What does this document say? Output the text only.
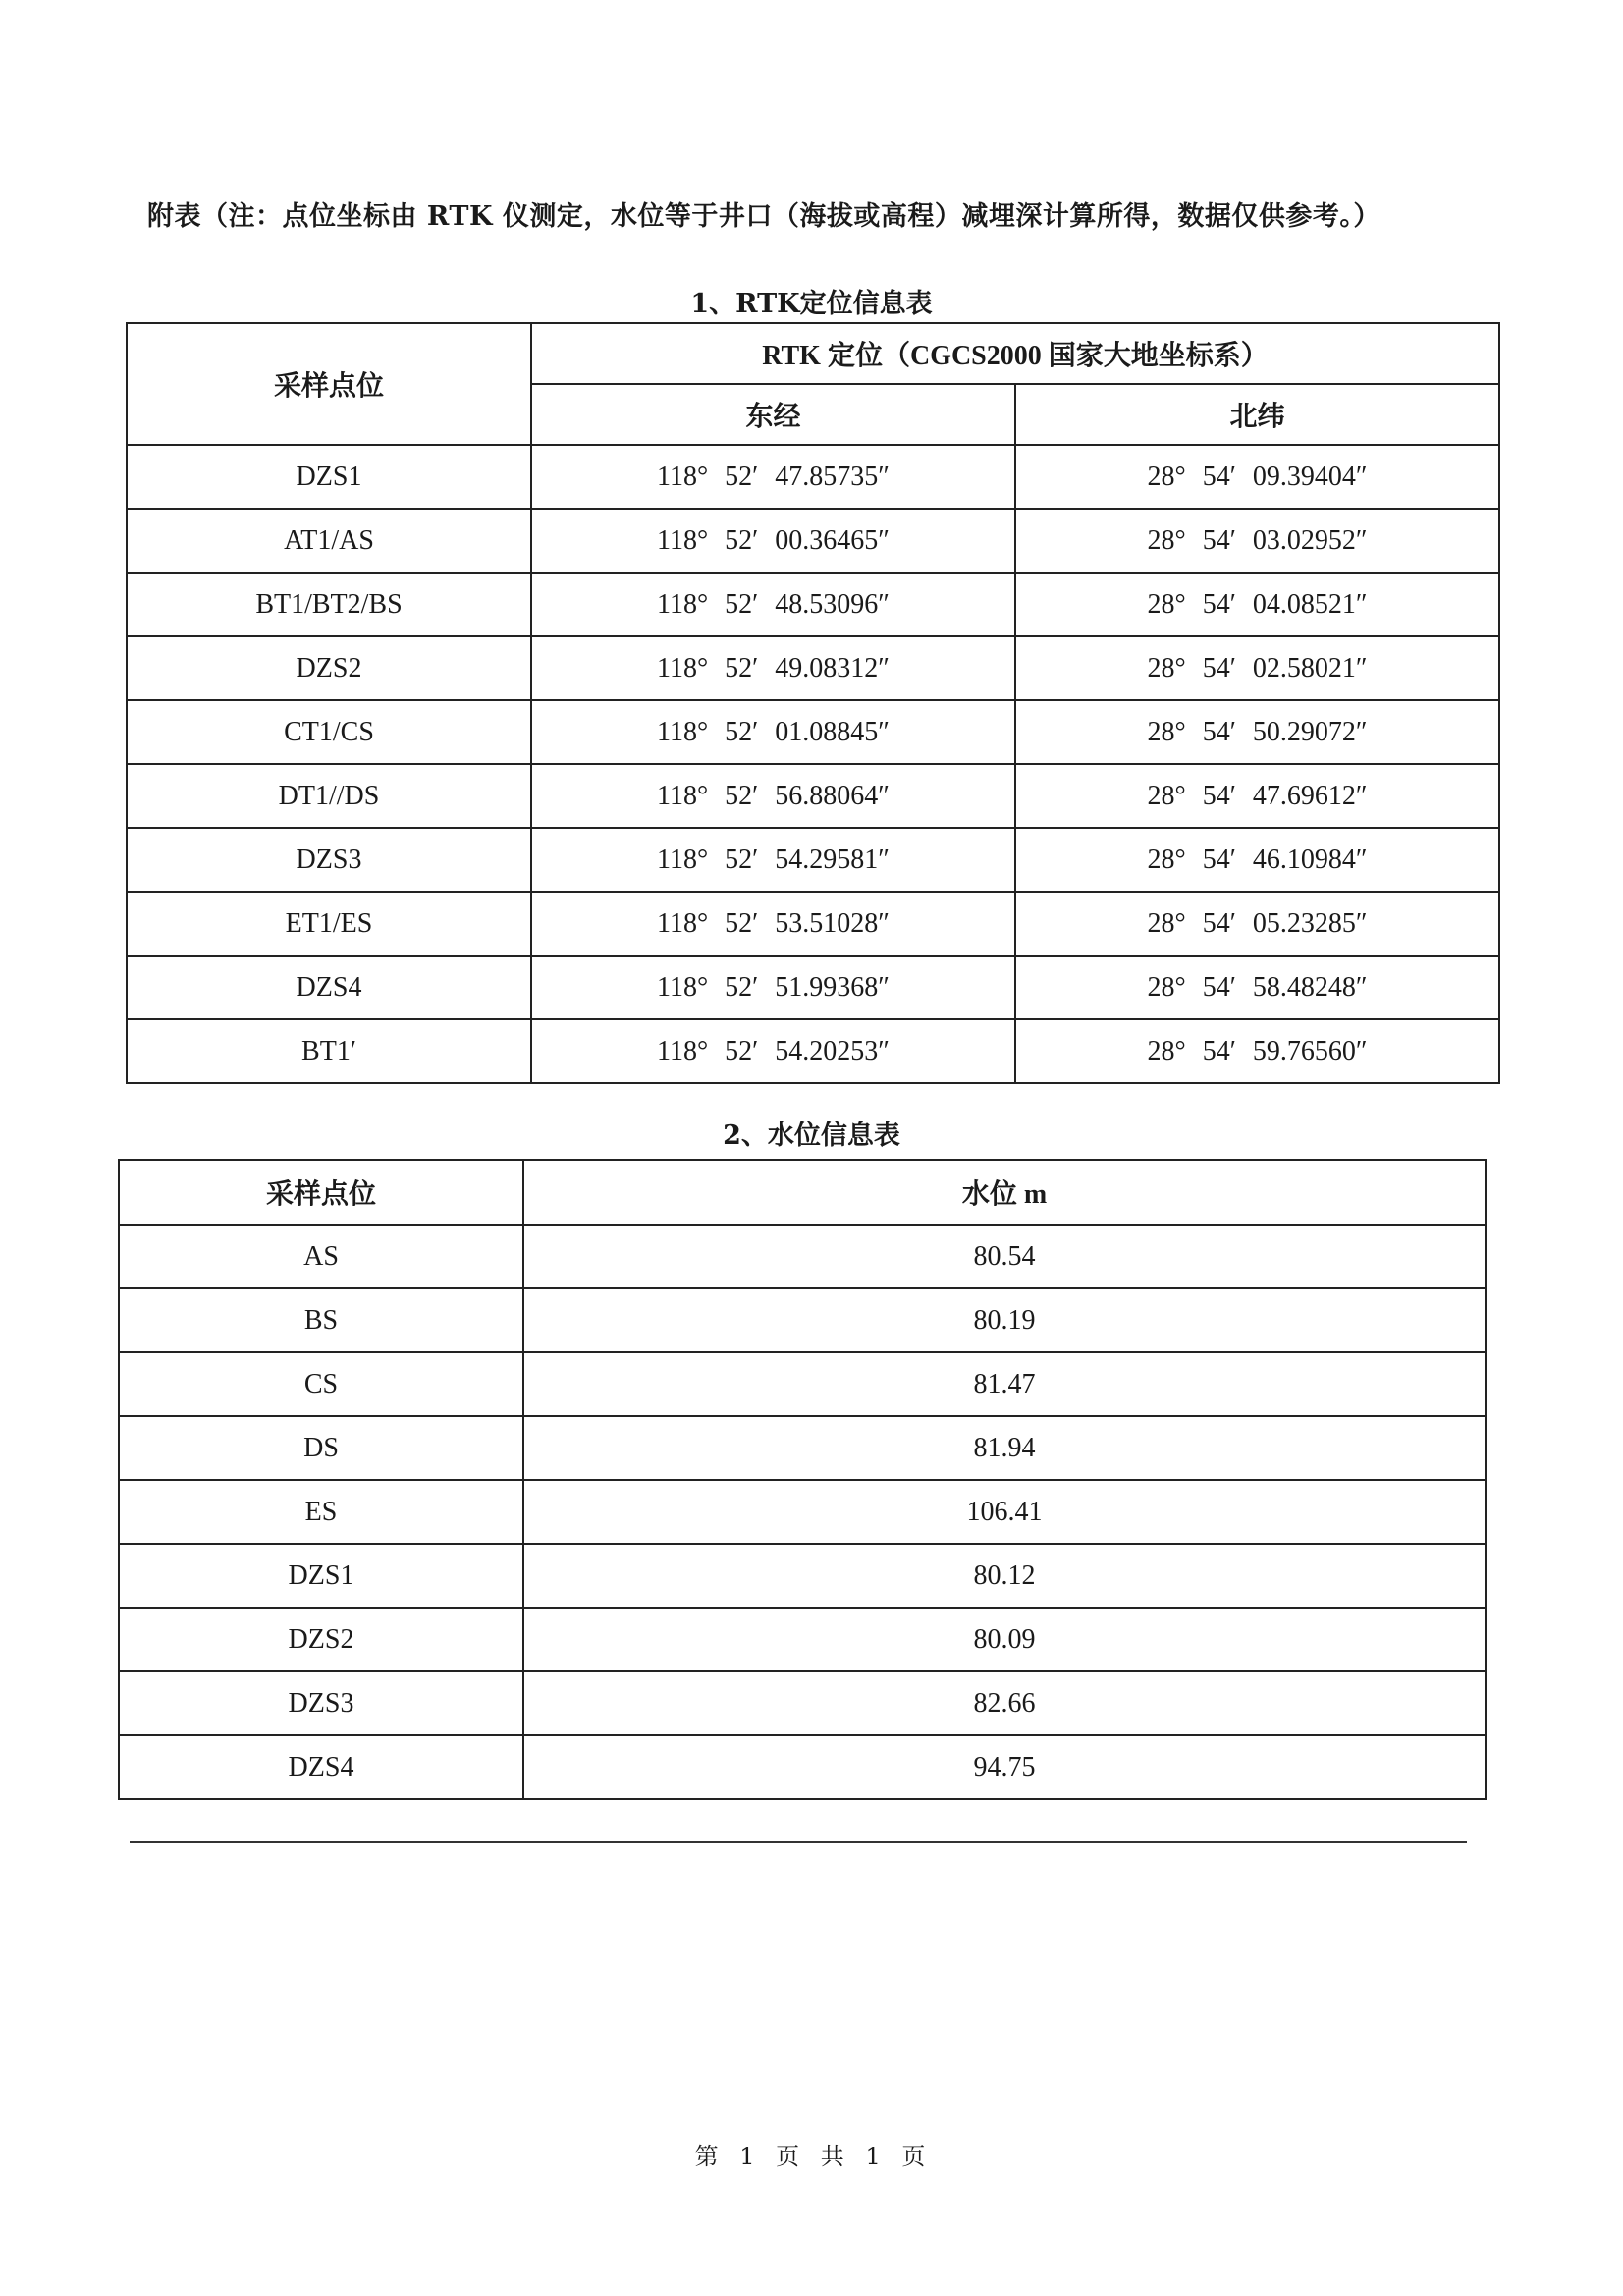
附表（注：点位坐标由 RTK 仪测定，水位等于井口（海拔或高程）减埋深计算所得，数据仅供参考。）
1、RTK定位信息表
采样点位	RTK 定位（CGCS2000 国家大地坐标系）	
	东经	北纬
DZS1	118° 52′ 47.85735″	28° 54′ 09.39404″
AT1/AS	118° 52′ 00.36465″	28° 54′ 03.02952″
BT1/BT2/BS	118° 52′ 48.53096″	28° 54′ 04.08521″
DZS2	118° 52′ 49.08312″	28° 54′ 02.58021″
CT1/CS	118° 52′ 01.08845″	28° 54′ 50.29072″
DT1//DS	118° 52′ 56.88064″	28° 54′ 47.69612″
DZS3	118° 52′ 54.29581″	28° 54′ 46.10984″
ET1/ES	118° 52′ 53.51028″	28° 54′ 05.23285″
DZS4	118° 52′ 51.99368″	28° 54′ 58.48248″
BT1′	118° 52′ 54.20253″	28° 54′ 59.76560″
2、水位信息表
采样点位	水位 m
AS	80.54
BS	80.19
CS	81.47
DS	81.94
ES	106.41
DZS1	80.12
DZS2	80.09
DZS3	82.66
DZS4	94.75
第 1 页 共 1 页
